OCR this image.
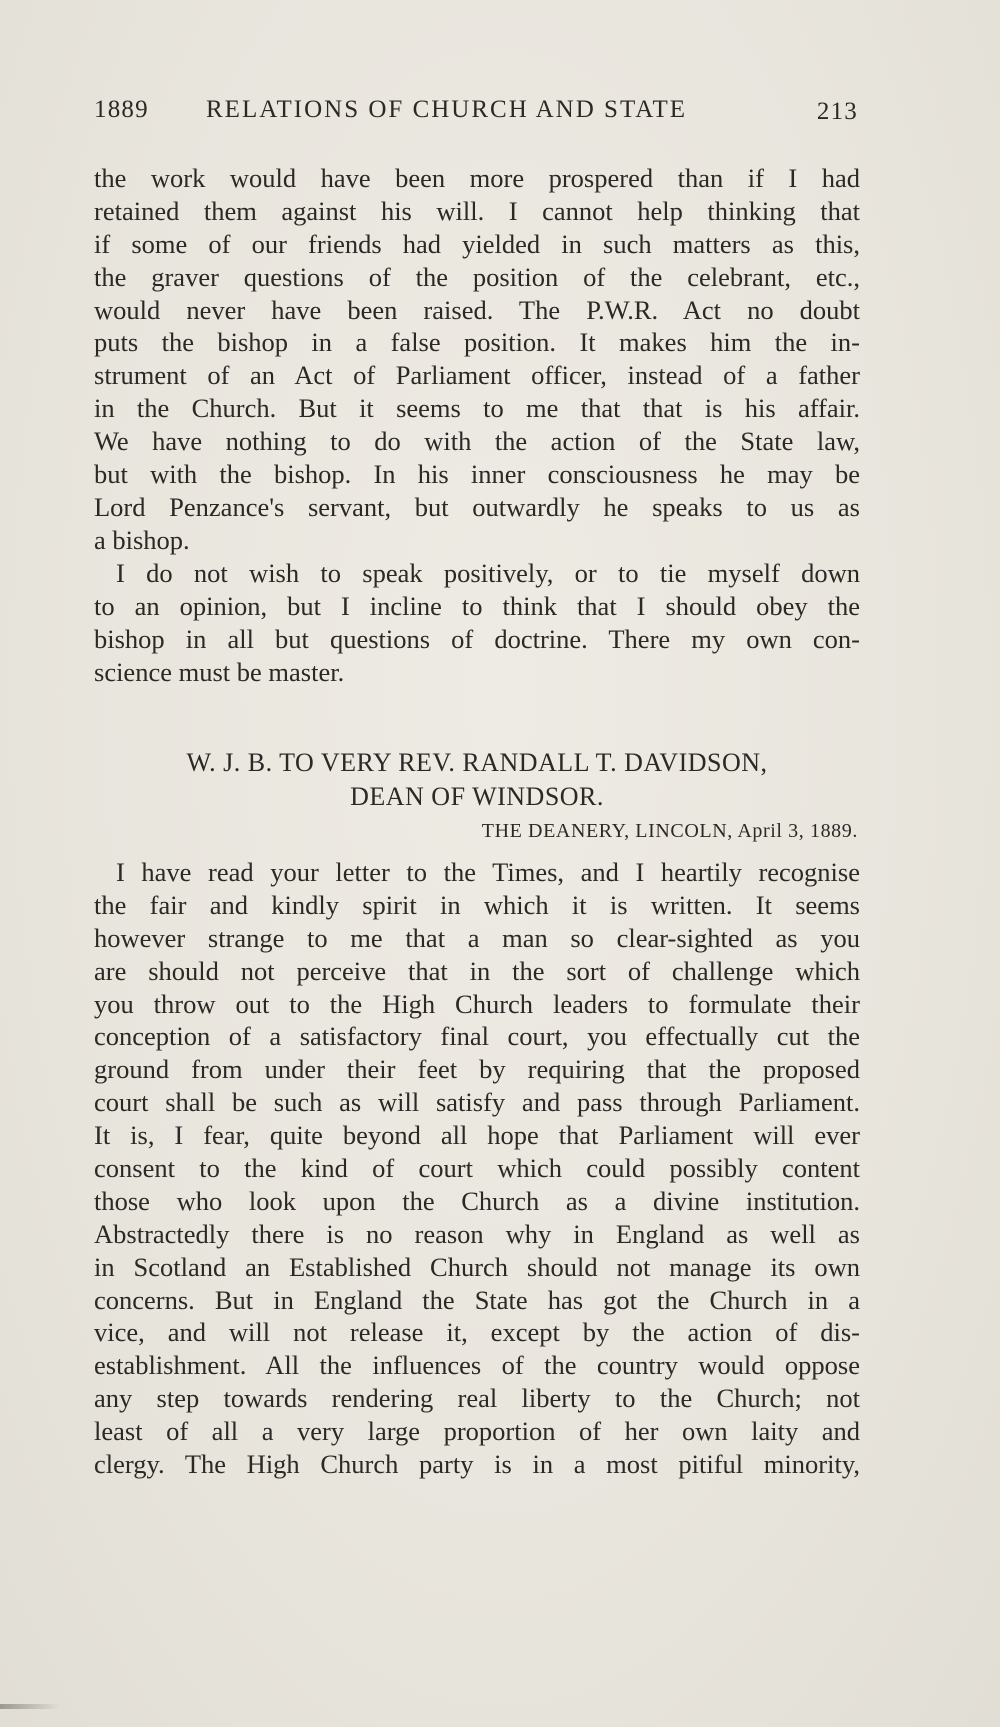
1889 RELATIONS OF CHURCH AND STATE	213
the work would have been more prospered than if I had
retained them against his will. I cannot help thinking that
if some of our friends had yielded in such matters as this,
the graver questions of the position of the celebrant, etc.,
would never have been raised. The P.W.R. Act no doubt
puts the bishop in a false position. It makes him the in-
strument of an Act of Parliament officer, instead of a father
in the Church. But it seems to me that that is his affair.
We have nothing to do with the action of the State law,
but with the bishop. In his inner consciousness he may be
Lord Penzance's servant, but outwardly he speaks to us as
a bishop.
I do not wish to speak positively, or to tie myself down
to an opinion, but I incline to think that I should obey the
bishop in all but questions of doctrine. There my own con-
science must be master.
W. J. B. TO VERY REV. RANDALL T. DAVIDSON,
DEAN OF WINDSOR.
THE DEANERY, LINCOLN, April 3, 1889.
I have read your letter to the Times, and I heartily recognise
the fair and kindly spirit in which it is written. It seems
however strange to me that a man so clear-sighted as you
are should not perceive that in the sort of challenge which
you throw out to the High Church leaders to formulate their
conception of a satisfactory final court, you effectually cut the
ground from under their feet by requiring that the proposed
court shall be such as will satisfy and pass through Parliament.
It is, I fear, quite beyond all hope that Parliament will ever
consent to the kind of court which could possibly content
those who look upon the Church as a divine institution.
Abstractedly there is no reason why in England as well as
in Scotland an Established Church should not manage its own
concerns. But in England the State has got the Church in a
vice, and will not release it, except by the action of dis-
establishment. All the influences of the country would oppose
any step towards rendering real liberty to the Church; not
least of all a very large proportion of her own laity and
clergy. The High Church party is in a most pitiful minority,
